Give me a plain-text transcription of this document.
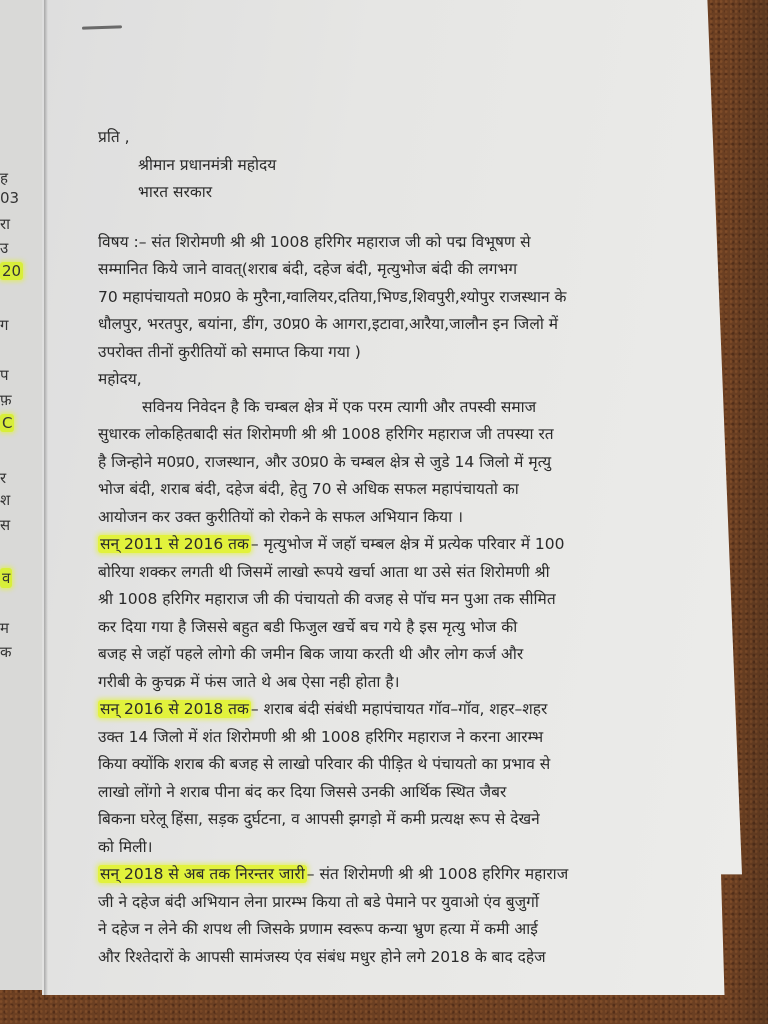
ह
03
रा
उ
20
ग
प
फ़
C
र
श
स
व
म
क
प्रति ,
श्रीमान प्रधानमंत्री महोदय
भारत सरकार
विषय :– संत शिरोमणी श्री श्री 1008 हरिगिर महाराज जी को पद्म विभूषण से
सम्मानित किये जाने वावत्(शराब बंदी, दहेज बंदी, मृत्युभोज बंदी की लगभग
70 महापंचायतो म0प्र0 के मुरैना,ग्वालियर,दतिया,भिण्ड,शिवपुरी,श्योपुर राजस्थान के
धौलपुर, भरतपुर, बयांना, डींग, उ0प्र0 के आगरा,इटावा,आरैया,जालौन इन जिलो में
उपरोक्त तीनों कुरीतियों को समाप्त किया गया )
महोदय,
सविनय निवेदन है कि चम्बल क्षेत्र में एक परम त्यागी और तपस्वी समाज
सुधारक लोकहितबादी संत शिरोमणी श्री श्री 1008 हरिगिर महाराज जी तपस्या रत
है जिन्होने म0प्र0, राजस्थान, और उ0प्र0 के चम्बल क्षेत्र से जुडे 14 जिलो में मृत्यु
भोज बंदी, शराब बंदी, दहेज बंदी, हेतु 70 से अधिक सफल महापंचायतो का
आयोजन कर उक्त कुरीतियों को रोकने के सफल अभियान किया ।
सन् 2011 से 2016 तक – मृत्युभोज में जहॉ चम्बल क्षेत्र में प्रत्येक परिवार में 100
बोरिया शक्कर लगती थी जिसमें लाखो रूपये खर्चा आता था उसे संत शिरोमणी श्री
श्री 1008 हरिगिर महाराज जी की पंचायतो की वजह से पॉच मन पुआ तक सीमित
कर दिया गया है जिससे बहुत बडी फिजुल खर्चे बच गये है इस मृत्यु भोज की
बजह से जहॉ पहले लोगो की जमीन बिक जाया करती थी और लोग कर्ज और
गरीबी के कुचक्र में फंस जाते थे अब ऐसा नही होता है।
सन् 2016 से 2018 तक – शराब बंदी संबंधी महापंचायत गॉव–गॉव, शहर–शहर
उक्त 14 जिलो में शंत शिरोमणी श्री श्री 1008 हरिगिर महाराज ने करना आरम्भ
किया क्योंकि शराब की बजह से लाखो परिवार की पीड़ित थे पंचायतो का प्रभाव से
लाखो लोंगो ने शराब पीना बंद कर दिया जिससे उनकी आर्थिक स्थित जैबर
बिकना घरेलू हिंसा, सड़क दुर्घटना, व आपसी झगड़ो में कमी प्रत्यक्ष रूप से देखने
को मिली।
सन् 2018 से अब तक निरन्तर जारी – संत शिरोमणी श्री श्री 1008 हरिगिर महाराज
जी ने दहेज बंदी अभियान लेना प्रारम्भ किया तो बडे पेमाने पर युवाओ एंव बुजुर्गो
ने दहेज न लेने की शपथ ली जिसके प्रणाम स्वरूप कन्या भ्रुण हत्या में कमी आई
और रिश्तेदारों के आपसी सामंजस्य एंव संबंध मधुर होने लगे 2018 के बाद दहेज
